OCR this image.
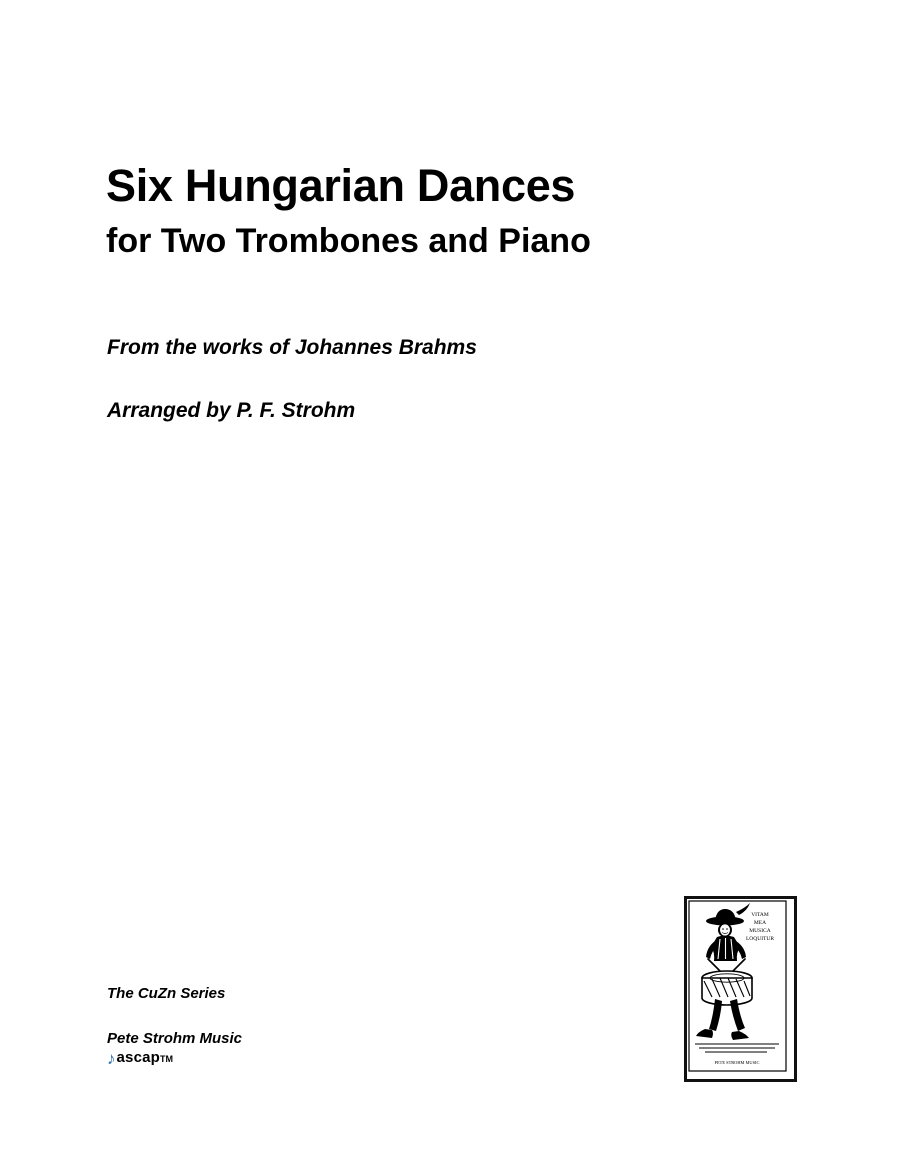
Six Hungarian Dances
for Two Trombones and Piano

From the works of Johannes Brahms

Arranged by P. F. Strohm

The CuZn Series

Pete Strohm Music

♪ ascap TM
VITAM
MEA
MUSICA
LOQUITUR
PETE STROHM MUSIC
